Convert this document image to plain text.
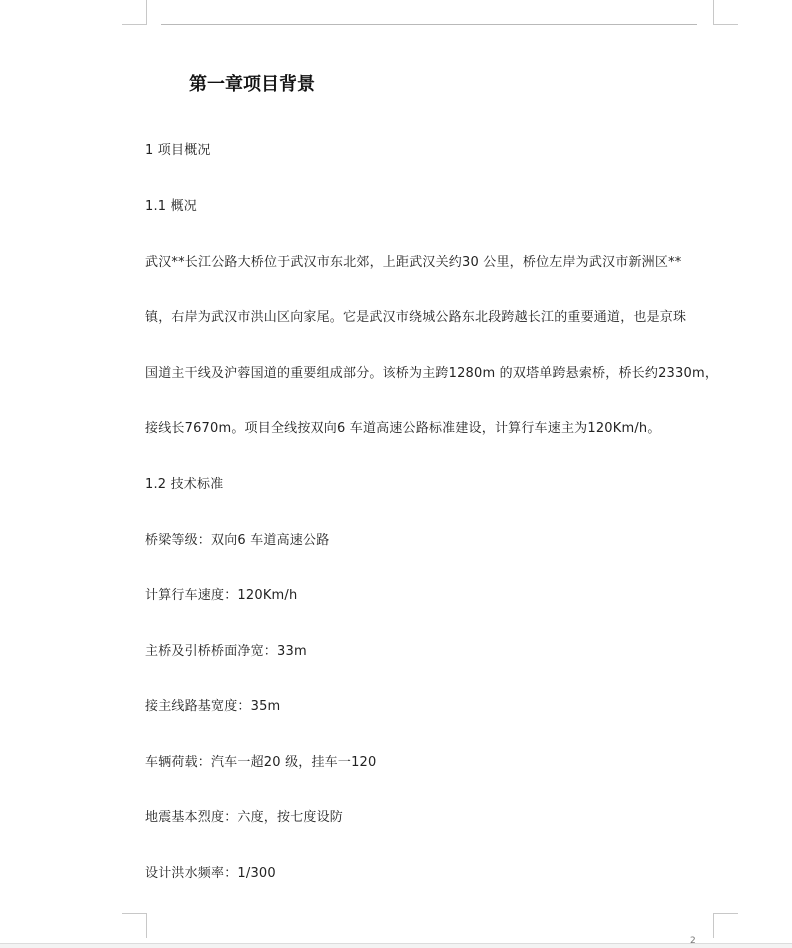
第一章项目背景
1 项目概况
1.1 概况
武汉**长江公路大桥位于武汉市东北郊，上距武汉关约30 公里，桥位左岸为武汉市新洲区**
镇，右岸为武汉市洪山区向家尾。它是武汉市绕城公路东北段跨越长江的重要通道，也是京珠
国道主干线及沪蓉国道的重要组成部分。该桥为主跨1280m 的双塔单跨悬索桥，桥长约2330m，
接线长7670m。项目全线按双向6 车道高速公路标准建设，计算行车速主为120Km/h。
1.2 技术标准
桥梁等级：双向6 车道高速公路
计算行车速度：120Km/h
主桥及引桥桥面净宽：33m
接主线路基宽度：35m
车辆荷载：汽车一超20 级，挂车一120
地震基本烈度：六度，按七度设防
设计洪水频率：1/300
2
